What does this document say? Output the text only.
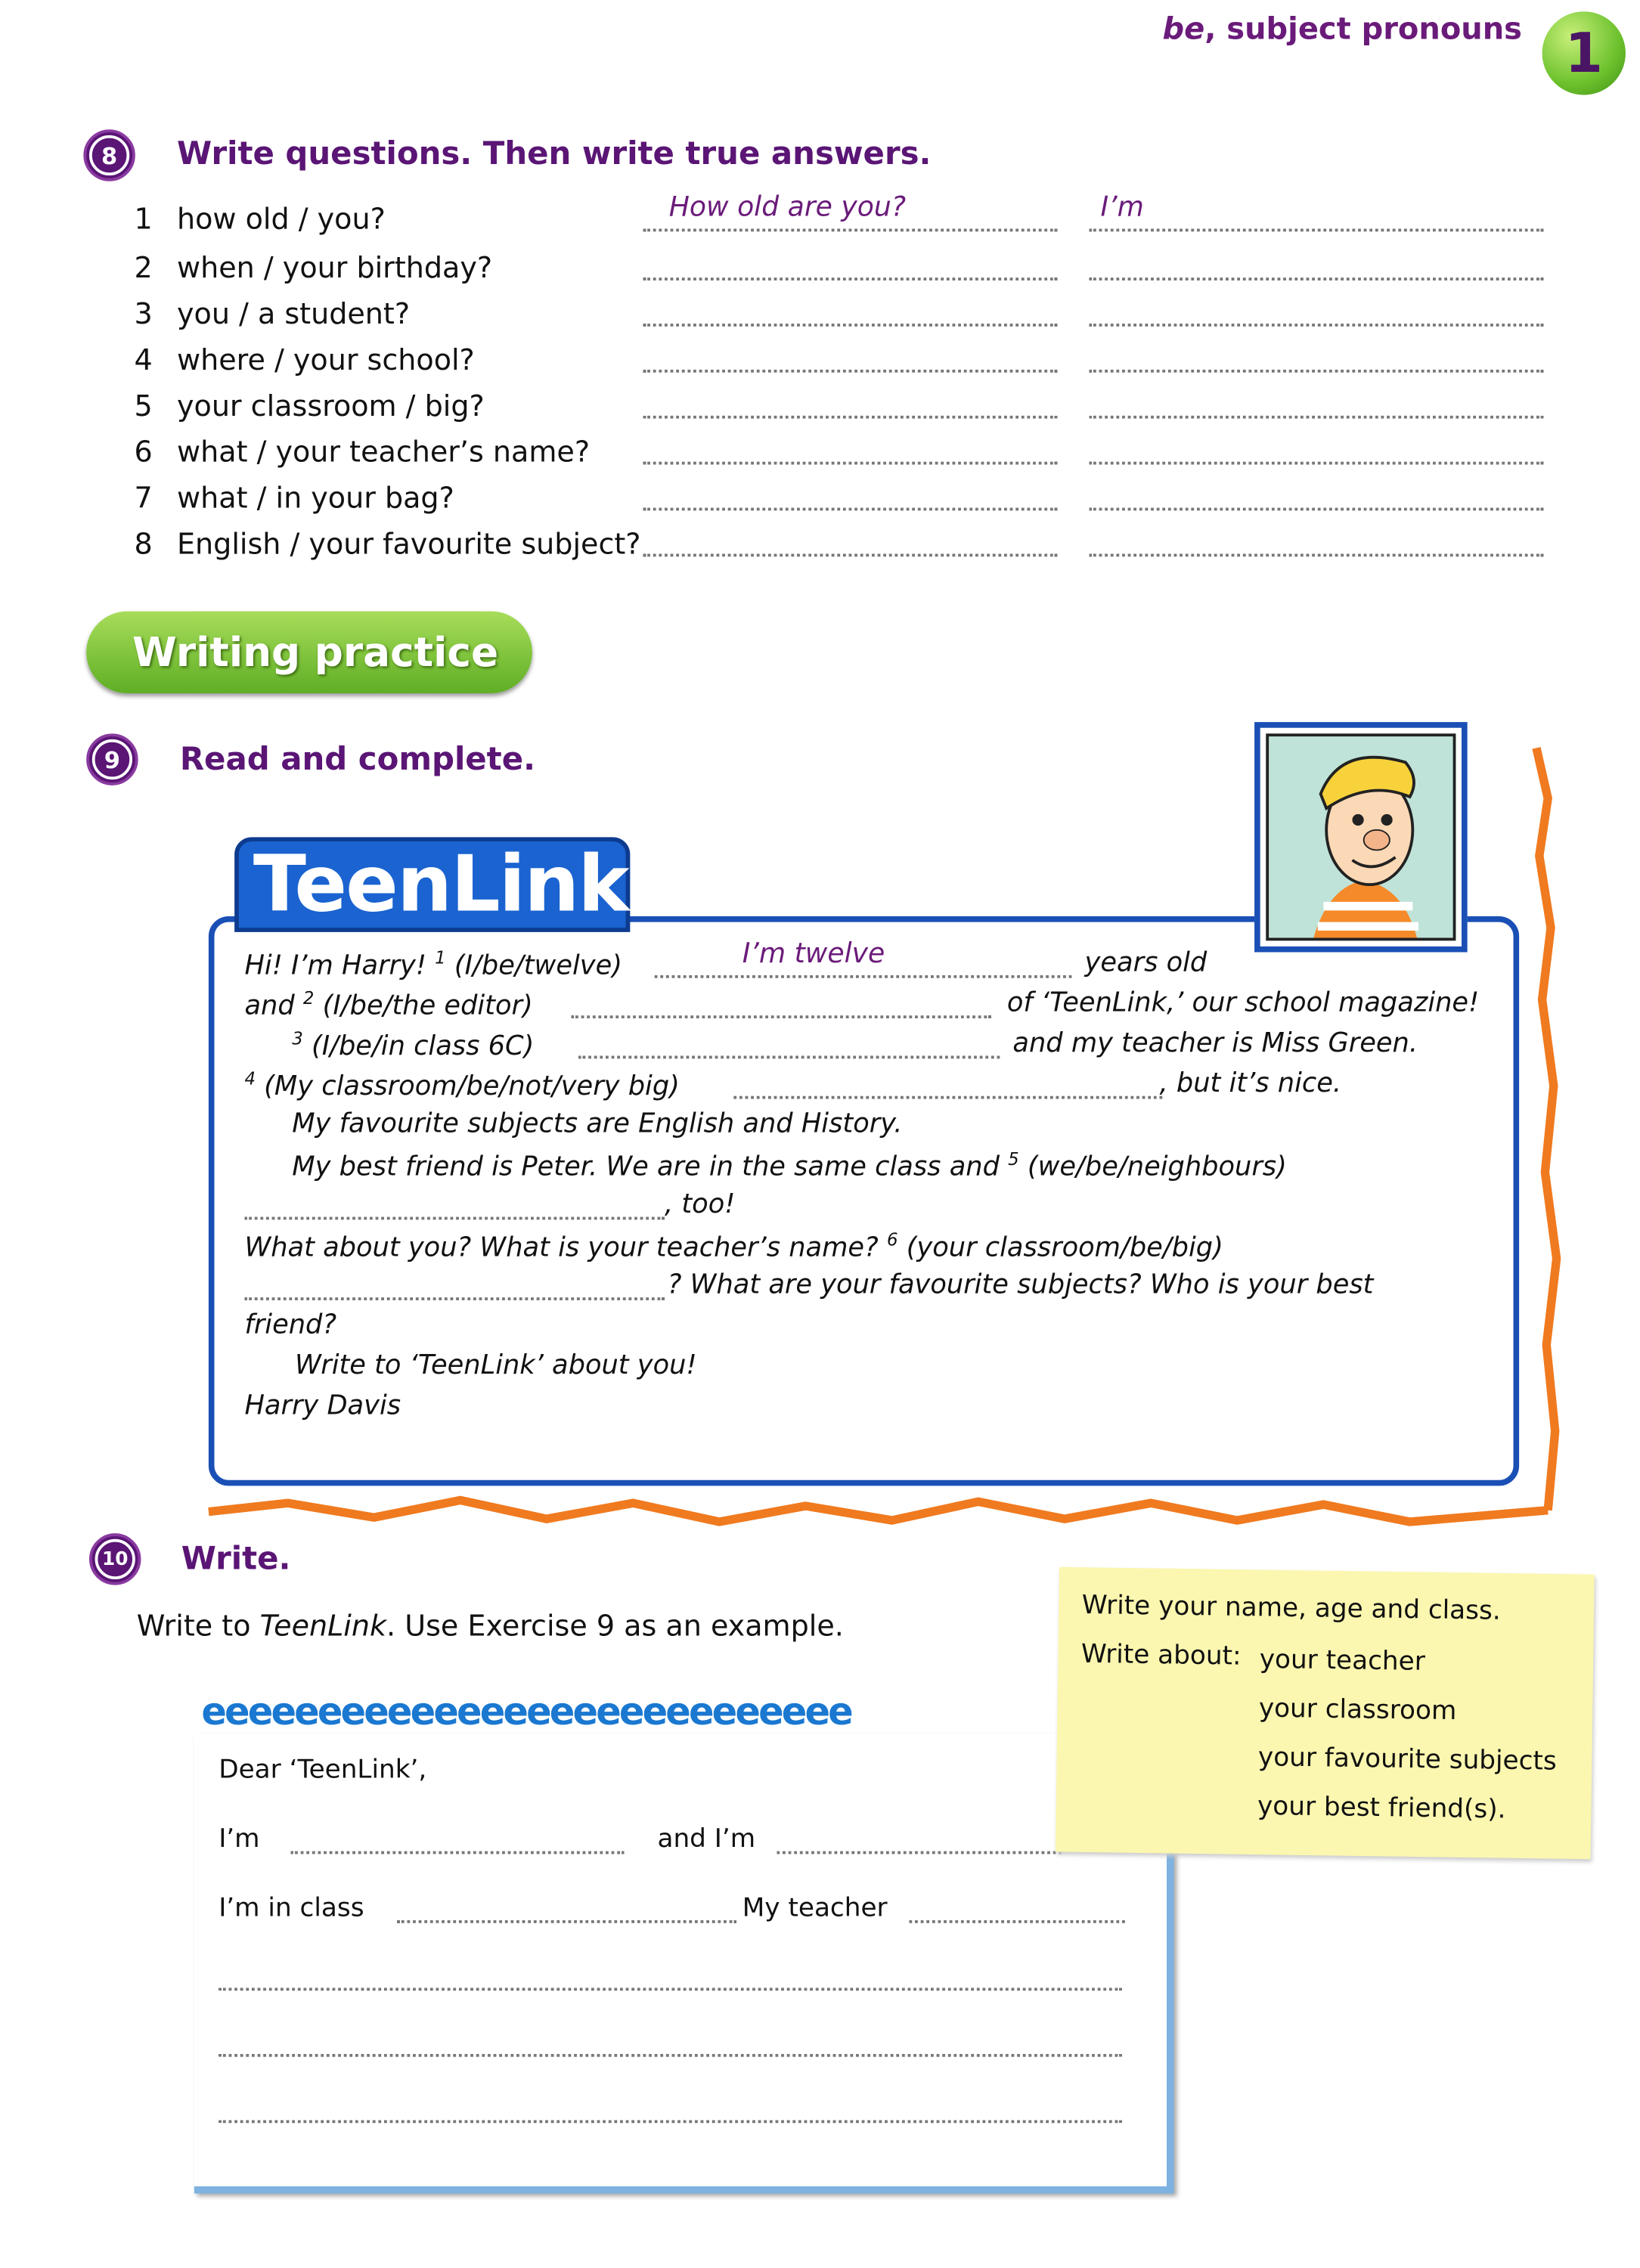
be, subject pronouns	1
8	Write questions. Then write true answers.
1 how old / you?	How old are you?	I’m
2 when / your birthday?
3 you / a student?
4 where / your school?
5 your classroom / big?
6 what / your teacher’s name?
7 what / in your bag?
8 English / your favourite subject?
Writing practice
9	Read and complete.
TeenLink
Hi! I’m Harry! $^1$ (I/be/twelve)	I’m twelve	years old
and $^2$ (I/be/the editor)	of ‘TeenLink,’ our school magazine!
$^3$ (I/be/in class 6C)	and my teacher is Miss Green.
$^4$ (My classroom/be/not/very big)	, but it’s nice.
My favourite subjects are English and History.
My best friend is Peter. We are in the same class and $^5$ (we/be/neighbours)
, too!
What about you? What is your teacher’s name? $^6$ (your classroom/be/big)
? What are your favourite subjects? Who is your best
friend?
Write to ‘TeenLink’ about you!
Harry Davis
10	Write.
Write to TeenLink. Use Exercise 9 as an example.
eeeeeeeeeeeeeeeeeeeeeeeeeeee
Dear ‘TeenLink’,
I’m	and I’m
I’m in class	My teacher
Write your name, age and class.
Write about: your teacher
your classroom
your favourite subjects
your best friend(s).
